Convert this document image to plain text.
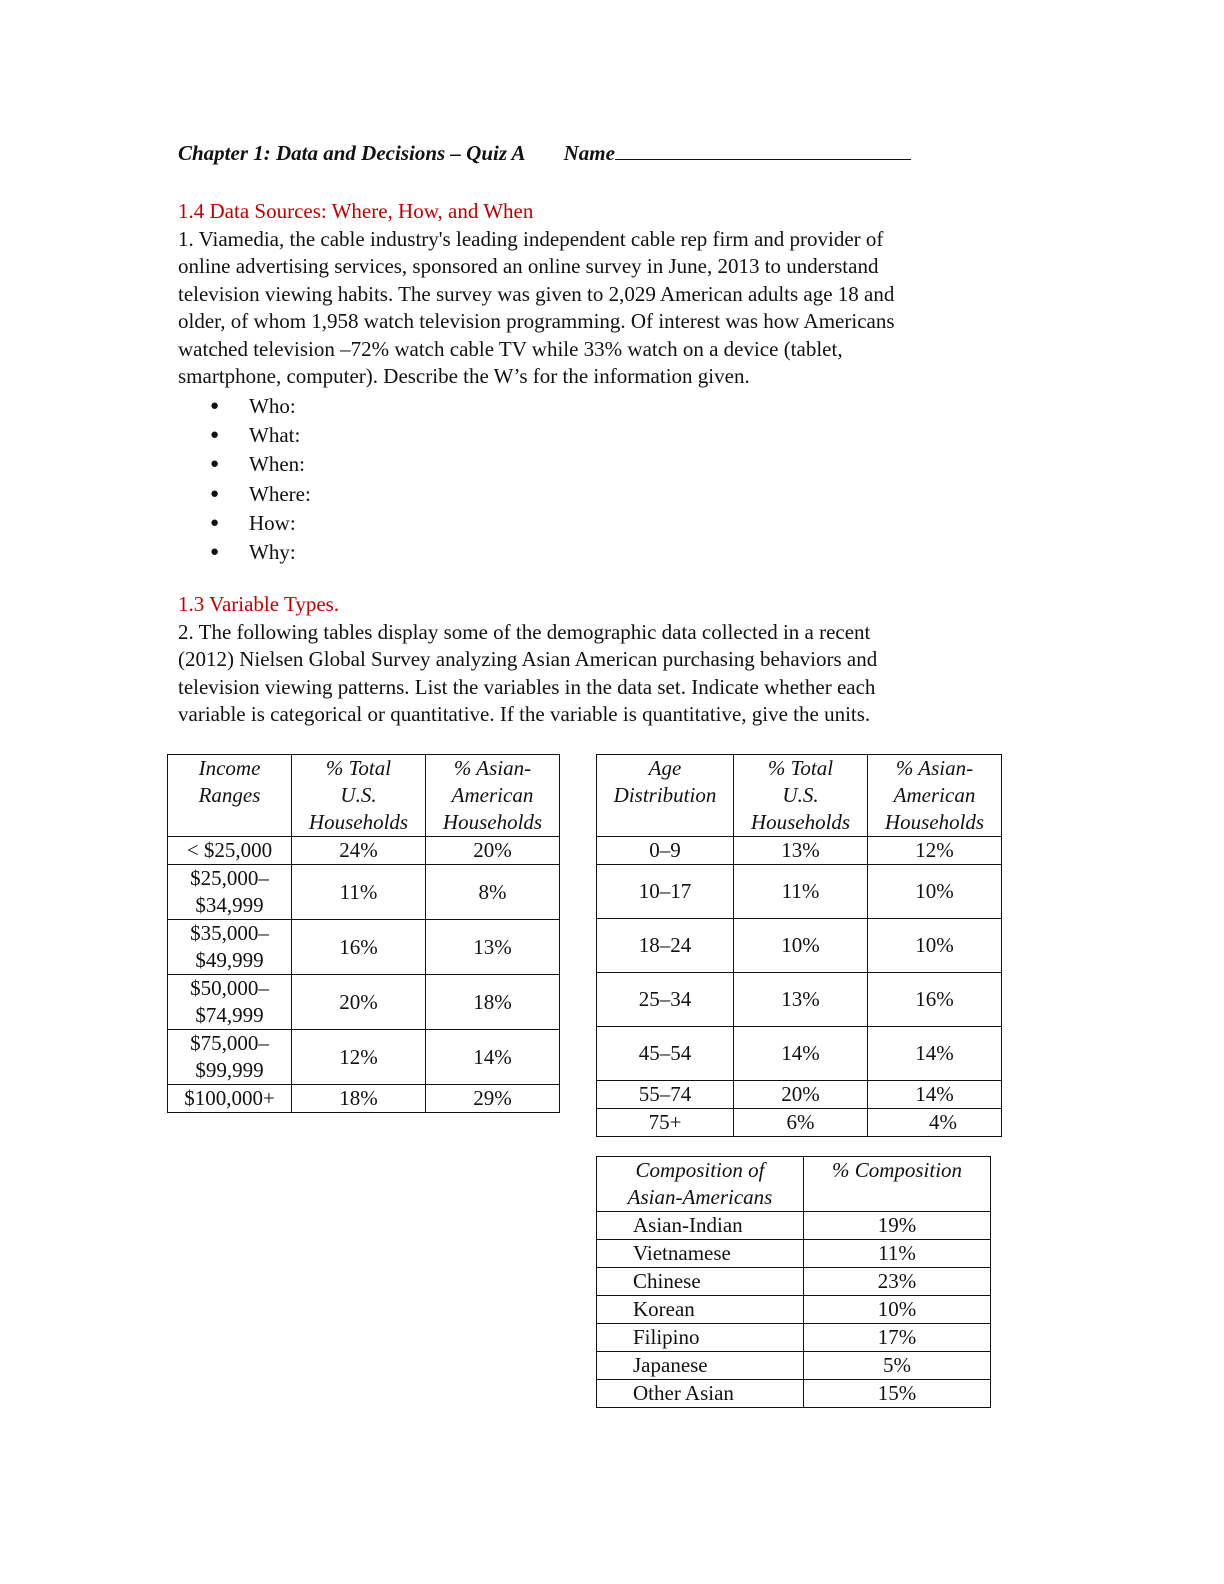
Chapter 1: Data and Decisions – Quiz A Name
1.4 Data Sources: Where, How, and When

1. Viamedia, the cable industry's leading independent cable rep firm and provider of

online advertising services, sponsored an online survey in June, 2013 to understand

television viewing habits. The survey was given to 2,029 American adults age 18 and

older, of whom 1,958 watch television programming. Of interest was how Americans

watched television –72% watch cable TV while 33% watch on a device (tablet,

smartphone, computer). Describe the W’s for the information given.

● Who:
● What:
● When:
● Where:
● How:
● Why:
1.3 Variable Types.

2. The following tables display some of the demographic data collected in a recent

(2012) Nielsen Global Survey analyzing Asian American purchasing behaviors and

television viewing patterns. List the variables in the data set. Indicate whether each

variable is categorical or quantitative. If the variable is quantitative, give the units.

Income
Ranges	% Total
U.S.
Households	% Asian-
American
Households
< $25,000	24%	20%
$25,000–
$34,999	11%	8%
$35,000–
$49,999	16%	13%
$50,000–
$74,999	20%	18%
$75,000–
$99,999	12%	14%
$100,000+	18%	29%
Age
Distribution	% Total
U.S.
Households	% Asian-
American
Households
0–9	13%	12%
10–17	11%	10%
18–24	10%	10%
25–34	13%	16%
45–54	14%	14%
55–74	20%	14%
75+	6%	4%
Composition of
Asian-Americans	% Composition
Asian-Indian	19%
Vietnamese	11%
Chinese	23%
Korean	10%
Filipino	17%
Japanese	5%
Other Asian	15%
